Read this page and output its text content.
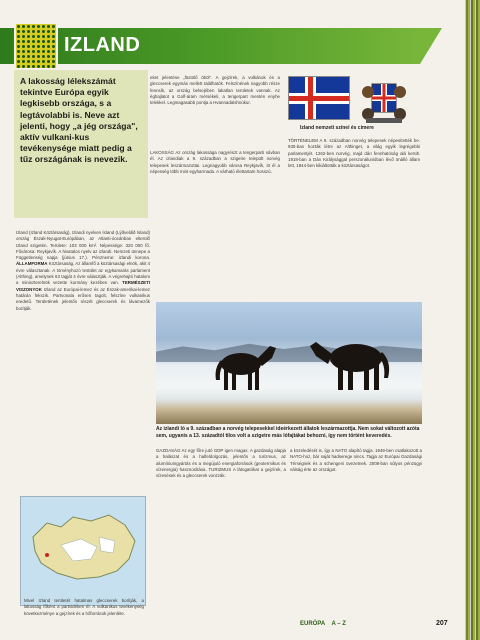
IZLAND

A lakosság lélekszámát tekintve Európa egyik legkisebb országa, s a legtávolabbi is. Neve azt jelenti, hogy „a jég országa", aktív vulkani-kus tevékenysége miatt pedig a tűz országának is nevezik.

eket jelentése „füstölő öböl". A gejzírek, a vulkánok és a gleccserek egymás mellett találhatók. Felszínének nagyobb része fennsík, az ország belsejében lakatlan területek vannak. Az éghajlatot a Golf-áram mérsékeli, a tengerpart mentén enyhe telekkel. Legmagasabb pontja a Hvannadalshnúkur.
Izland (Izland Köztársaság), Izlandi nyelven Ísland (Lýðveldið Ísland) ország Észak-Nyugat-Európában, az Atlanti-óceánban elterülő Izland szigetén. Területe: 103 000 km². Népessége: 320 000 fő. Fővárosa: Reykjavík. A hivatalos nyelv az izlandi. Nemzeti ünnepe a Függetlenség napja (június 17.). Pénzneme: izlandi korona. ÁLLAMFORMA Köztársaság. Az államfő a köztársasági elnök, akit 4 évre választanak. A törvényhozó testület az egykamarás parlament (Althing), amelynek 63 tagját 4 évre választják. A végrehajtó hatalom a miniszterelnök vezette kormány kezében van. TERMÉSZETI VISZONYOK Izland az Európai-lemez és az Észak-amerikai-lemez határán fekszik. Partvonala erősen tagolt, felszíne vulkanikus eredetű. Területének jelentős részét gleccserek és lávamezők borítják.
LAKOSSÁG Az ország lakossága nagyrészt a tengerparti sávban él. Az izlandiak a 9. században a szigetre települt norvég telepesek leszármazottai. Legnagyobb városa Reykjavík, itt él a népesség több mint egyharmada. A várható élettartam hosszú.
Izland nemzeti színei és címere
TÖRTÉNELEM A 9. században norvég telepesek népesítették be. 930-ban hozták létre az Althinget, a világ egyik legrégebbi parlamentjét. 1262-ben norvég, majd dán fennhatóság alá került. 1918-ban a Dán Királysággal perszonálunióban lévő önálló állam lett, 1944-ben kikiáltották a köztársaságot.
Az izlandi ló a 9. században a norvég telepesekkel ideérkezett állatok leszármazottja. Nem sokat változott azóta sem, ugyanis a 13. századtól tilos volt a szigetre más lófajtákat behozni, így nem történt keveredés.
GAZDASÁG Az egy főre jutó GDP igen magas. A gazdaság alapja a halászat és a halfeldolgozás, jelentős a turizmus, az alumíniumgyártás és a megújuló energiaforrások (geotermikus és vízenergia) hasznosítása. TURIZMUS A látogatókat a gejzírek, a vízesések és a gleccserek vonzzák.
a közeledését is, így a NATO alapító tagja. 1949-ben csatlakozott a NATO-hoz, bár saját hadserege nincs. Tagja az Európai Gazdasági Térségnek és a schengeni övezetnek. 2008-ban súlyos pénzügyi válság érte az országot.
Mivel Izland területét hatalmas gleccserek borítják, a lakosság főként a partvidéken él. A vulkanikus tevékenység következménye a gejzírek és a hőforrások jelenléte.
EURÓPA A – Z	207
